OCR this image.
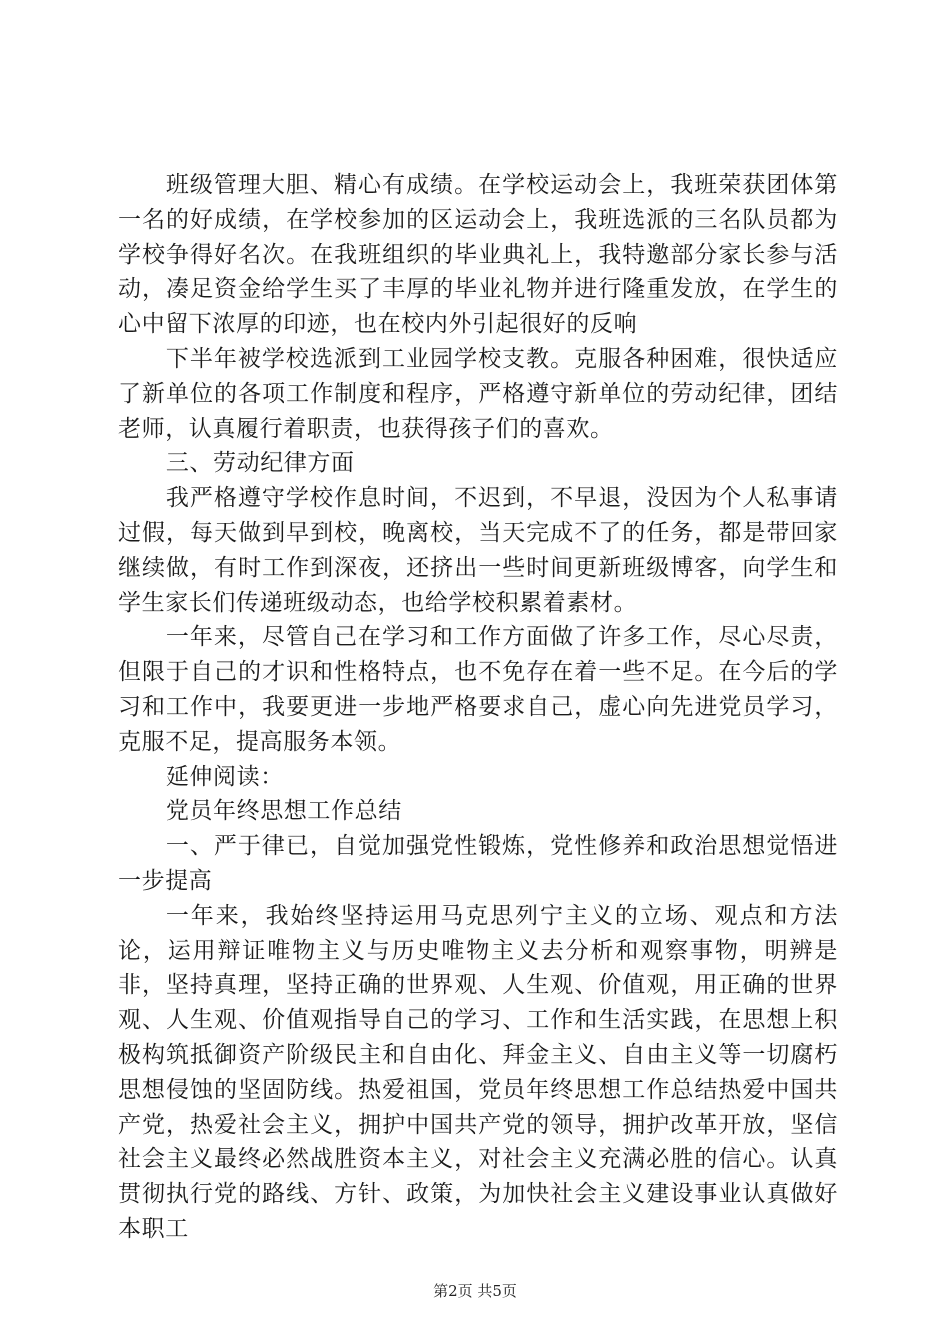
班级管理大胆、精心有成绩。在学校运动会上，我班荣获团体第一名的好成绩，在学校参加的区运动会上，我班选派的三名队员都为学校争得好名次。在我班组织的毕业典礼上，我特邀部分家长参与活动，凑足资金给学生买了丰厚的毕业礼物并进行隆重发放，在学生的心中留下浓厚的印迹，也在校内外引起很好的反响

下半年被学校选派到工业园学校支教。克服各种困难，很快适应了新单位的各项工作制度和程序，严格遵守新单位的劳动纪律，团结老师，认真履行着职责，也获得孩子们的喜欢。

三、劳动纪律方面

我严格遵守学校作息时间，不迟到，不早退，没因为个人私事请过假，每天做到早到校，晚离校，当天完成不了的任务，都是带回家继续做，有时工作到深夜，还挤出一些时间更新班级博客，向学生和学生家长们传递班级动态，也给学校积累着素材。

一年来，尽管自己在学习和工作方面做了许多工作，尽心尽责，但限于自己的才识和性格特点，也不免存在着一些不足。在今后的学习和工作中，我要更进一步地严格要求自己，虚心向先进党员学习，克服不足，提高服务本领。

延伸阅读：

党员年终思想工作总结

一、严于律已，自觉加强党性锻炼，党性修养和政治思想觉悟进一步提高

一年来，我始终坚持运用马克思列宁主义的立场、观点和方法论，运用辩证唯物主义与历史唯物主义去分析和观察事物，明辨是非，坚持真理，坚持正确的世界观、人生观、价值观，用正确的世界观、人生观、价值观指导自己的学习、工作和生活实践，在思想上积极构筑抵御资产阶级民主和自由化、拜金主义、自由主义等一切腐朽思想侵蚀的坚固防线。热爱祖国，党员年终思想工作总结热爱中国共产党，热爱社会主义，拥护中国共产党的领导，拥护改革开放，坚信社会主义最终必然战胜资本主义，对社会主义充满必胜的信心。认真贯彻执行党的路线、方针、政策，为加快社会主义建设事业认真做好本职工

第2页 共5页
